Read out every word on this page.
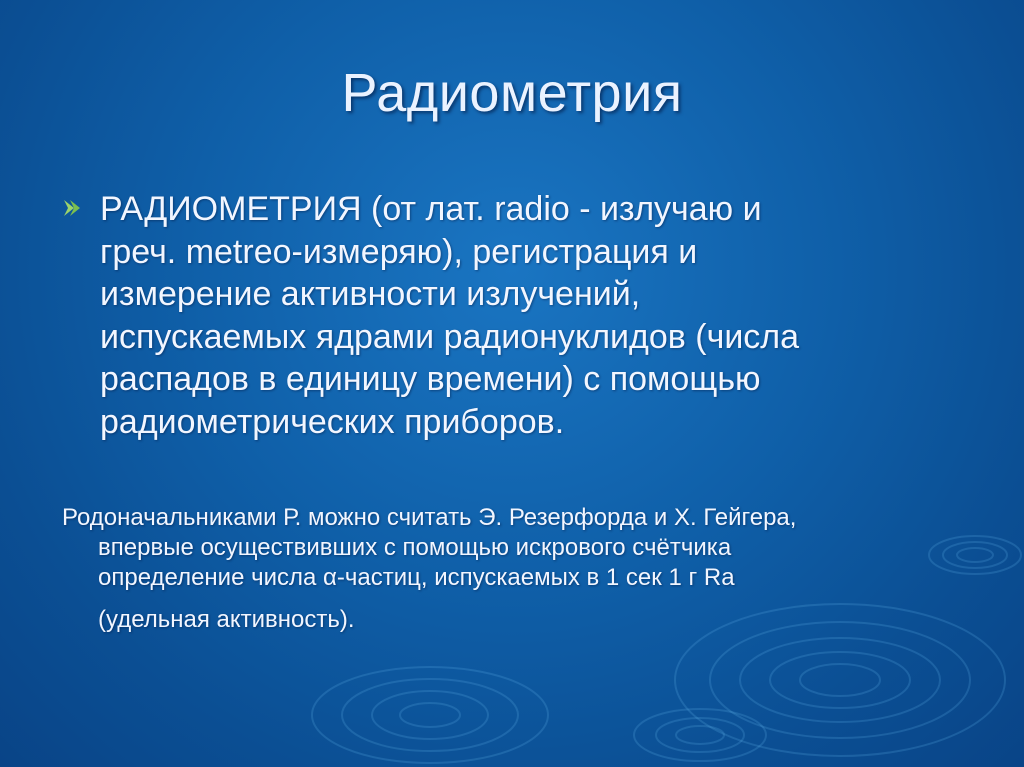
Радиометрия
РАДИОМЕТРИЯ (от лат. radio - излучаю и
греч. metreo-измеряю), регистрация и
измерение активности излучений,
испускаемых ядрами радионуклидов (числа
распадов в единицу времени) с помощью
радиометрических приборов.
Родоначальниками Р. можно считать Э. Резерфорда и Х. Гейгера,
впервые осуществивших с помощью искрового счётчика
определение числа α-частиц, испускаемых в 1 сек 1 г Ra
(удельная активность).
